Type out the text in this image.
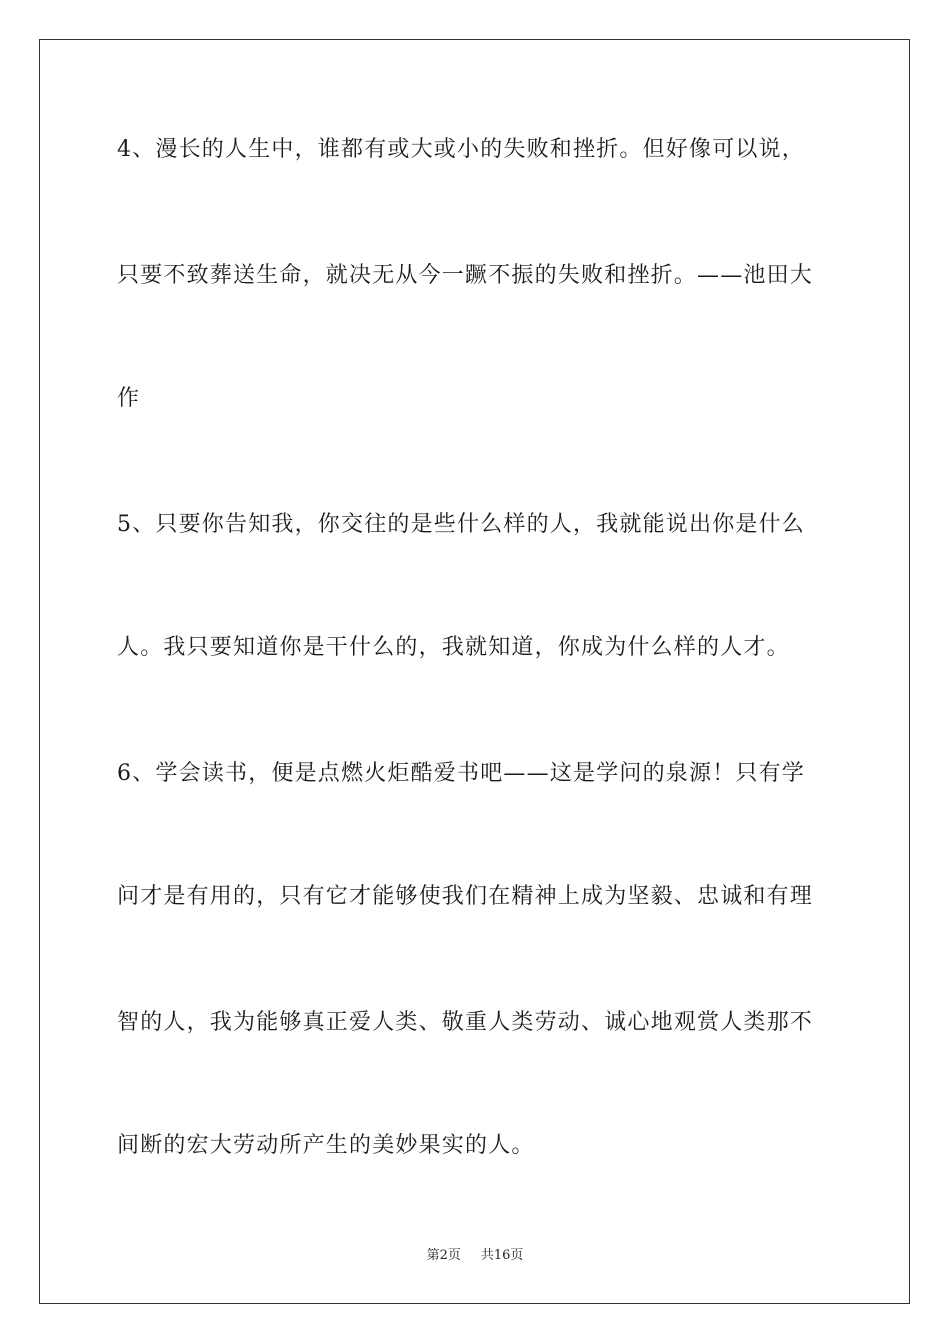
4、漫长的人生中，谁都有或大或小的失败和挫折。但好像可以说，
只要不致葬送生命，就决无从今一蹶不振的失败和挫折。——池田大
作
5、只要你告知我，你交往的是些什么样的人，我就能说出你是什么
人。我只要知道你是干什么的，我就知道，你成为什么样的人才。
6、学会读书，便是点燃火炬酷爱书吧——这是学问的泉源！只有学
问才是有用的，只有它才能够使我们在精神上成为坚毅、忠诚和有理
智的人，我为能够真正爱人类、敬重人类劳动、诚心地观赏人类那不
间断的宏大劳动所产生的美妙果实的人。
第2页 共16页
